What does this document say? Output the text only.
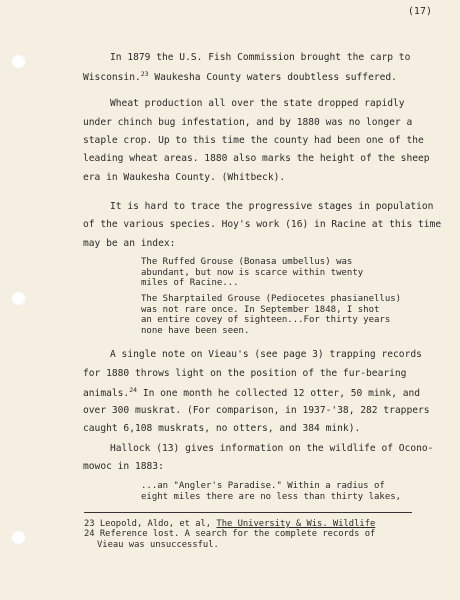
(17)
In 1879 the U.S. Fish Commission brought the carp to
Wisconsin.$^{23}$ Waukesha County waters doubtless suffered.
Wheat production all over the state dropped rapidly
under chinch bug infestation, and by 1880 was no longer a
staple crop. Up to this time the county had been one of the
leading wheat areas. 1880 also marks the height of the sheep
era in Waukesha County. (Whitbeck).
It is hard to trace the progressive stages in population
of the various species. Hoy's work (16) in Racine at this time
may be an index:
The Ruffed Grouse (Bonasa umbellus) was
abundant, but now is scarce within twenty
miles of Racine...
The Sharptailed Grouse (Pediocetes phasianellus)
was not rare once. In September 1848, I shot
an entire covey of sighteen...For thirty years
none have been seen.
A single note on Vieau's (see page 3) trapping records
for 1880 throws light on the position of the fur-bearing
animals.$^{24}$ In one month he collected 12 otter, 50 mink, and
over 300 muskrat. (For comparison, in 1937-'38, 282 trappers
caught 6,108 muskrats, no otters, and 384 mink).
Hallock (13) gives information on the wildlife of Ocono-
mowoc in 1883:
...an "Angler's Paradise." Within a radius of
eight miles there are no less than thirty lakes,
23 Leopold, Aldo, et al, The University & Wis. Wildlife
24 Reference lost. A search for the complete records of
Vieau was unsuccessful.
